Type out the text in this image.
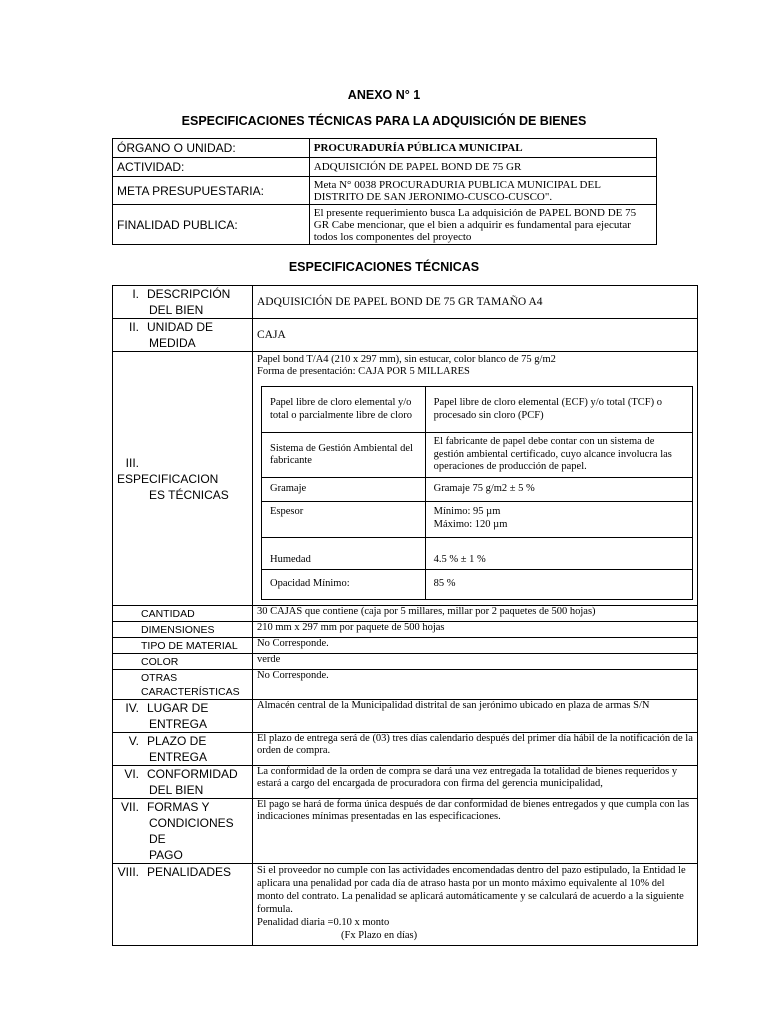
ANEXO N° 1
ESPECIFICACIONES TÉCNICAS PARA LA ADQUISICIÓN DE BIENES
ÓRGANO O UNIDAD:	PROCURADURÍA PÚBLICA MUNICIPAL
ACTIVIDAD:	ADQUISICIÓN DE PAPEL BOND DE 75 GR
META PRESUPUESTARIA:	Meta N° 0038 PROCURADURIA PUBLICA MUNICIPAL DEL DISTRITO DE SAN JERONIMO-CUSCO-CUSCO".
FINALIDAD PUBLICA:	El presente requerimiento busca La adquisición de PAPEL BOND DE 75 GR Cabe mencionar, que el bien a adquirir es fundamental para ejecutar todos los componentes del proyecto
ESPECIFICACIONES TÉCNICAS
I. DESCRIPCIÓN
DEL BIEN
	ADQUISICIÓN DE PAPEL BOND DE 75 GR TAMAÑO A4

II. UNIDAD DE
MEDIDA
	CAJA

III.ESPECIFICACION
ES TÉCNICAS

Papel bond T/A4 (210 x 297 mm), sin estucar, color blanco de 75 g/m2
Forma de presentación: CAJA POR 5 MILLARES
Papel libre de cloro elemental y/o total o parcialmente libre de cloro	Papel libre de cloro elemental (ECF) y/o total (TCF) o procesado sin cloro (PCF)
Sistema de Gestión Ambiental del fabricante	El fabricante de papel debe contar con un sistema de gestión ambiental certificado, cuyo alcance involucra las operaciones de producción de papel.
Gramaje	Gramaje 75 g/m2 ± 5 %
Espesor	Mínimo: 95 µm
Máximo: 120 µm

Humedad	4.5 % ± 1 %
Opacidad Mínimo:	85 %

CANTIDAD	30 CAJAS que contiene (caja por 5 millares, millar por 2 paquetes de 500 hojas)
DIMENSIONES	210 mm x 297 mm por paquete de 500 hojas
TIPO DE MATERIAL	No Corresponde.
COLOR	verde

OTRAS
CARACTERÍSTICAS
	No Corresponde.

IV. LUGAR DE
ENTREGA
	Almacén central de la Municipalidad distrital de san jerónimo ubicado en plaza de armas S/N

V. PLAZO DE
ENTREGA
	El plazo de entrega será de (03) tres días calendario después del primer día hábil de la notificación de la orden de compra.

VI. CONFORMIDAD
DEL BIEN
	La conformidad de la orden de compra se dará una vez entregada la totalidad de bienes requeridos y estará a cargo del encargada de procuradora con firma del gerencia municipalidad,

VII. FORMAS Y
CONDICIONES DE
PAGO
	El pago se hará de forma única después de dar conformidad de bienes entregados y que cumpla con las indicaciones mínimas presentadas en las especificaciones.

VIII. PENALIDADES	Si el proveedor no cumple con las actividades encomendadas dentro del pazo estipulado, la Entidad le aplicara una penalidad por cada día de atraso hasta por un monto máximo equivalente al 10% del monto del contrato. La penalidad se aplicará automáticamente y se calculará de acuerdo a la siguiente formula.
Penalidad diaria =0.10 x monto
(Fx Plazo en días)
